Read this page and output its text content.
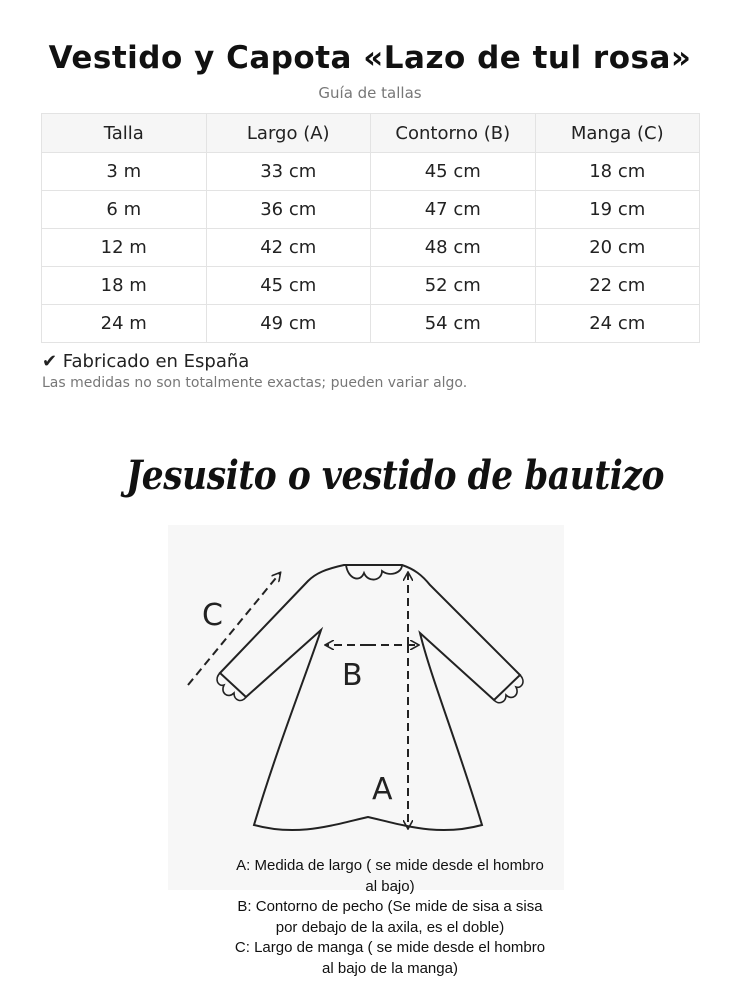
Vestido y Capota «Lazo de tul rosa»
Guía de tallas
Talla	Largo (A)	Contorno (B)	Manga (C)
3 m	33 cm	45 cm	18 cm
6 m	36 cm	47 cm	19 cm
12 m	42 cm	48 cm	20 cm
18 m	45 cm	52 cm	22 cm
24 m	49 cm	54 cm	24 cm
✔ Fabricado en España
Las medidas no son totalmente exactas; pueden variar algo.
Jesusito o vestido de bautizo
C
B
A
A: Medida de largo ( se mide desde el hombro
al bajo)
B: Contorno de pecho (Se mide de sisa a sisa
por debajo de la axila, es el doble)
C: Largo de manga ( se mide desde el hombro
al bajo de la manga)
